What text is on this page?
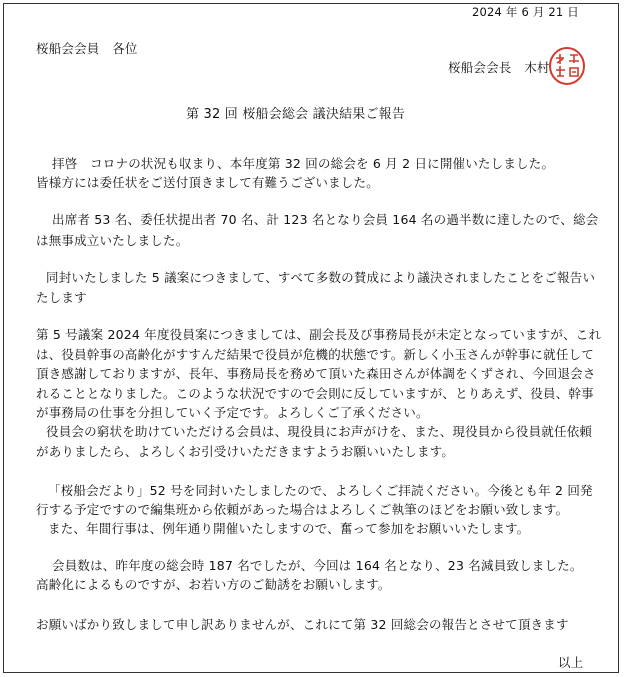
2024 年 6 月 21 日
桜船会会員　各位
桜船会会長　木村
第 32 回 桜船会総会 議決結果ご報告
拝啓　コロナの状況も収まり、本年度第 32 回の総会を 6 月 2 日に開催いたしました。
皆様方には委任状をご送付頂きまして有難うございました。
出席者 53 名、委任状提出者 70 名、計 123 名となり会員 164 名の過半数に達したので、総会
は無事成立いたしました。
同封いたしました 5 議案につきまして、すべて多数の賛成により議決されましたことをご報告い
たします
第 5 号議案 2024 年度役員案につきましては、副会長及び事務局長が未定となっていますが、これ
は、役員幹事の高齢化がすすんだ結果で役員が危機的状態です。新しく小玉さんが幹事に就任して
頂き感謝しておりますが、長年、事務局長を務めて頂いた森田さんが体調をくずされ、今回退会さ
れることとなりました。このような状況ですので会則に反していますが、とりあえず、役員、幹事
が事務局の仕事を分担していく予定です。よろしくご了承ください。
役員会の窮状を助けていただける会員は、現役員にお声がけを、また、現役員から役員就任依頼
がありましたら、よろしくお引受けいただきますようお願いいたします。
「桜船会だより」52 号を同封いたしましたので、よろしくご拝読ください。今後とも年 2 回発
行する予定ですので編集班から依頼があった場合はよろしくご執筆のほどをお願い致します。
また、年間行事は、例年通り開催いたしますので、奮って参加をお願いいたします。
会員数は、昨年度の総会時 187 名でしたが、今回は 164 名となり、23 名減員致しました。
高齢化によるものですが、お若い方のご勧誘をお願いします。
お願いばかり致しまして申し訳ありませんが、これにて第 32 回総会の報告とさせて頂きます
以上
